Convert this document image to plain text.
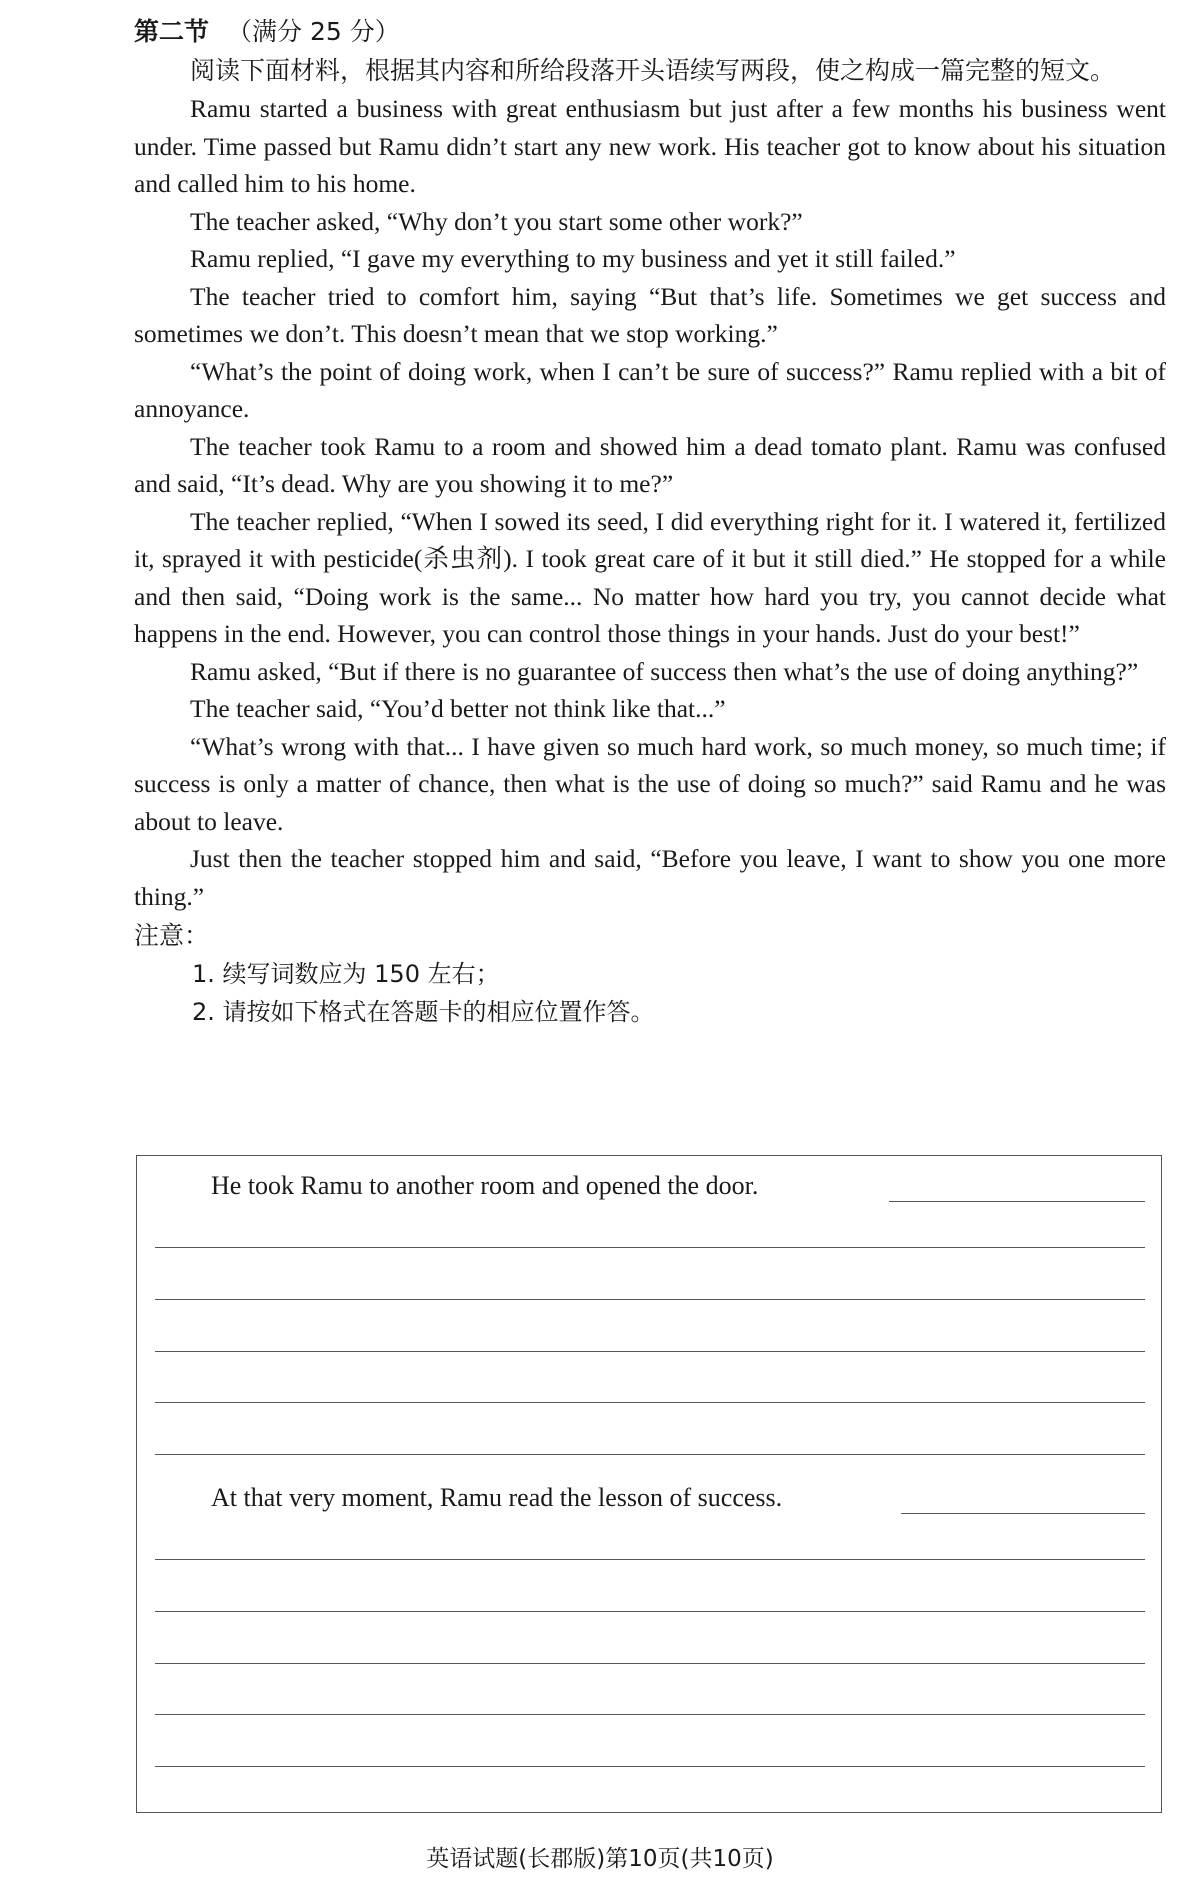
第二节 （满分 25 分）

阅读下面材料，根据其内容和所给段落开头语续写两段，使之构成一篇完整的短文。

Ramu started a business with great enthusiasm but just after a few months his business went under. Time passed but Ramu didn’t start any new work. His teacher got to know about his situation and called him to his home.

The teacher asked, “Why don’t you start some other work?”

Ramu replied, “I gave my everything to my business and yet it still failed.”

The teacher tried to comfort him, saying “But that’s life. Sometimes we get success and sometimes we don’t. This doesn’t mean that we stop working.”

“What’s the point of doing work, when I can’t be sure of success?” Ramu replied with a bit of annoyance.

The teacher took Ramu to a room and showed him a dead tomato plant. Ramu was confused and said, “It’s dead. Why are you showing it to me?”

The teacher replied, “When I sowed its seed, I did everything right for it. I watered it, fertilized it, sprayed it with pesticide(杀虫剂). I took great care of it but it still died.” He stopped for a while and then said, “Doing work is the same... No matter how hard you try, you cannot decide what happens in the end. However, you can control those things in your hands. Just do your best!”

Ramu asked, “But if there is no guarantee of success then what’s the use of doing anything?”

The teacher said, “You’d better not think like that...”

“What’s wrong with that... I have given so much hard work, so much money, so much time; if success is only a matter of chance, then what is the use of doing so much?” said Ramu and he was about to leave.

Just then the teacher stopped him and said, “Before you leave, I want to show you one more thing.”

注意：

1. 续写词数应为 150 左右；

2. 请按如下格式在答题卡的相应位置作答。

He took Ramu to another room and opened the door.
At that very moment, Ramu read the lesson of success.
英语试题(长郡版)第10页(共10页)
